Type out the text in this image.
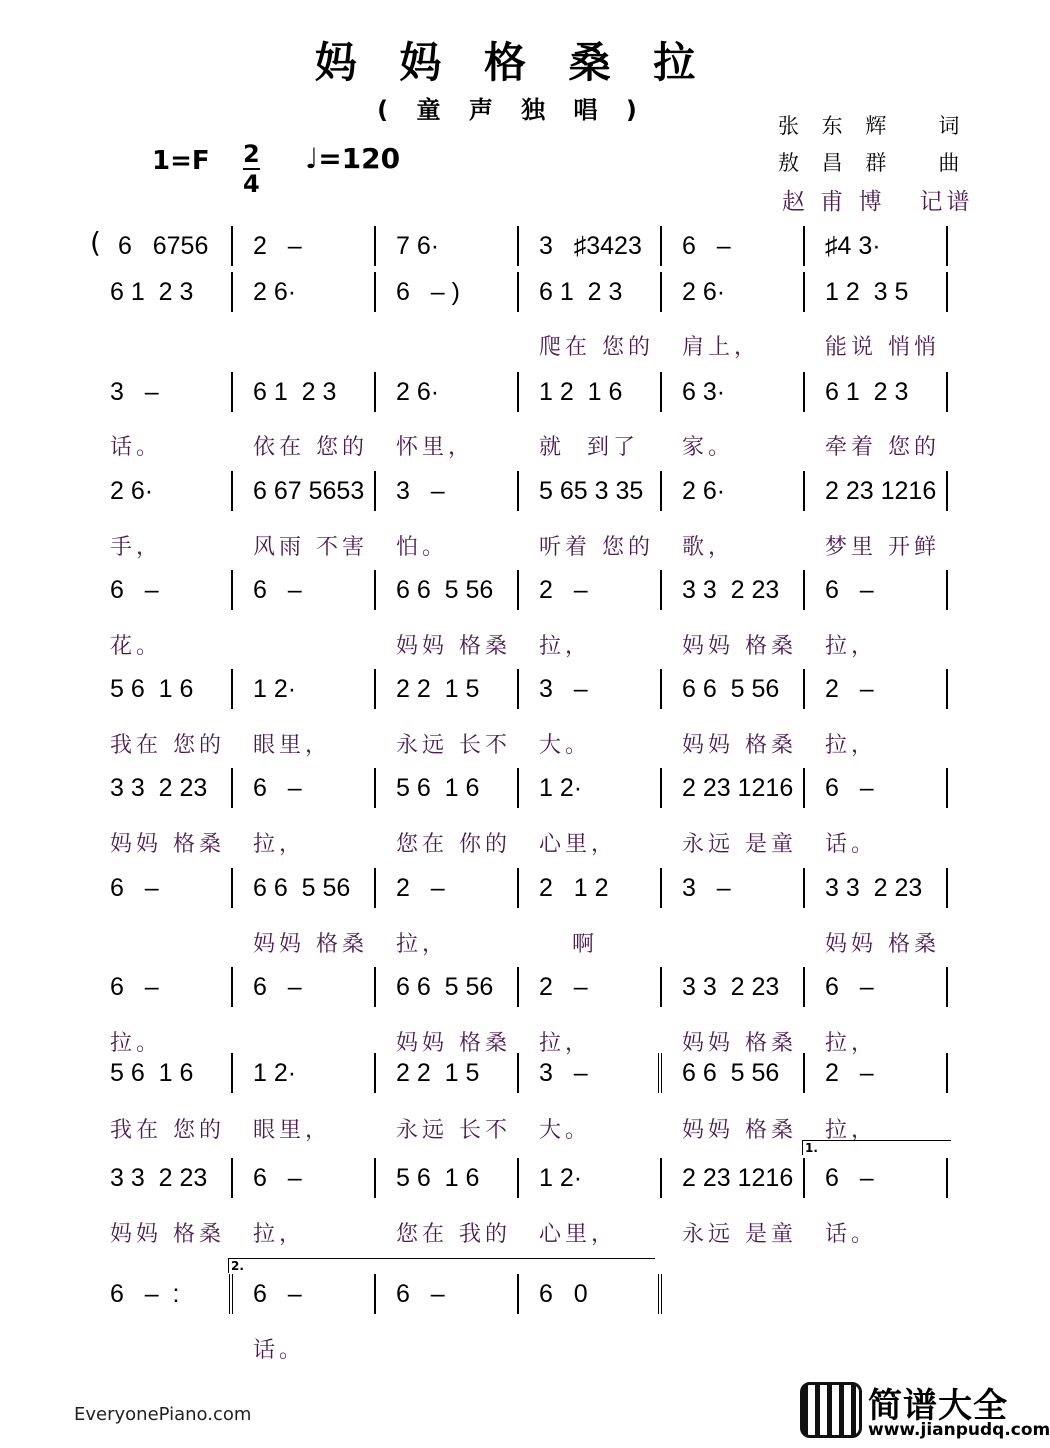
妈 妈 格 桑 拉
( 童 声 独 唱 )
1=F 2
4
♩=120
张 东 辉   词
敖 昌 群   曲
赵 甫 博   记谱
( 6   6756	2   –	7 6·	3   ♯3423	6   –	♯4 3·
6 1  2 3	2 6·	6   – )	6 1  2 3	2 6·	1 2  3 5
爬在 您的	肩上，	能说 悄悄
3   –	6 1  2 3	2 6·	1 2  1 6	6 3·	6 1  2 3
话。	依在 您的	怀里，	就  到了	家。	牵着 您的
2 6·	6 67 5653	3   –	5 65 3 35	2 6·	2 23 1216
手，	风雨 不害	怕。	听着 您的	歌，	梦里 开鲜
6   –	6   –	6 6  5 56	2   –	3 3  2 23	6   –
花。	妈妈 格桑	拉，	妈妈 格桑	拉，
5 6  1 6	1 2·	2 2  1 5	3   –	6 6  5 56	2   –
我在 您的	眼里，	永远 长不	大。	妈妈 格桑	拉，
3 3  2 23	6   –	5 6  1 6	1 2·	2 23 1216	6   –
妈妈 格桑	拉，	您在 你的	心里，	永远 是童	话。
6   –	6 6  5 56	2   –	2   1 2	3   –	3 3  2 23
妈妈 格桑	拉，	啊	妈妈 格桑
6   –	6   –	6 6  5 56	2   –	3 3  2 23	6   –
拉。	妈妈 格桑	拉，	妈妈 格桑	拉，
5 6  1 6	1 2·	2 2  1 5	3   –	6 6  5 56	2   –
我在 您的	眼里，	永远 长不	大。	妈妈 格桑	拉，
3 3  2 23	6   –	5 6  1 6	1 2·	2 23 1216	6   –
妈妈 格桑	拉，	您在 我的	心里，	永远 是童	话。
6   –  :	6   –	6   –	6   0
话。
1.
2.
EveryonePiano.com	简谱大全
www.jianpudq.com
